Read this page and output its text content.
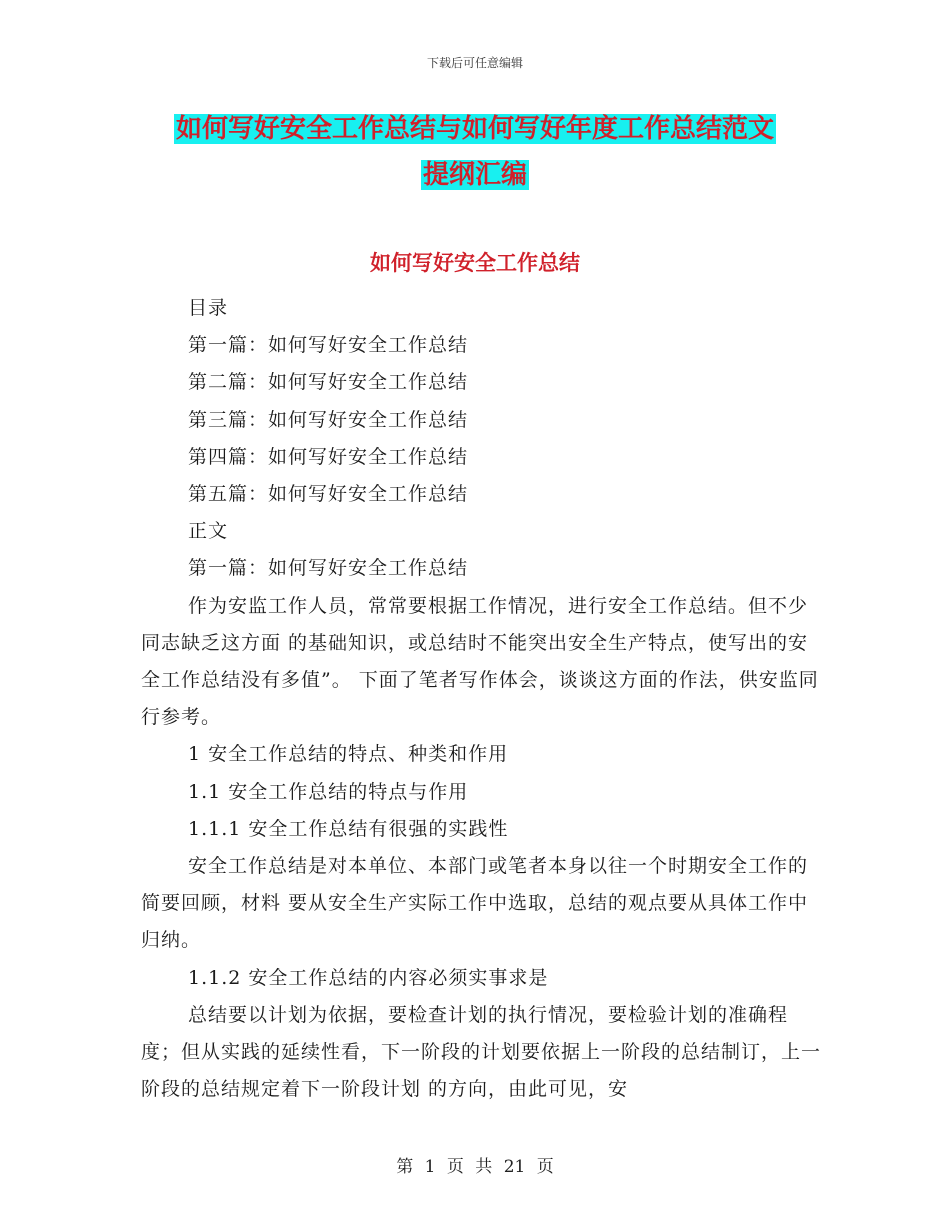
下载后可任意编辑
如何写好安全工作总结与如何写好年度工作总结范文
提纲汇编
如何写好安全工作总结

目录

第一篇：如何写好安全工作总结

第二篇：如何写好安全工作总结

第三篇：如何写好安全工作总结

第四篇：如何写好安全工作总结

第五篇：如何写好安全工作总结

正文

第一篇：如何写好安全工作总结

作为安监工作人员，常常要根据工作情况，进行安全工作总结。但不少同志缺乏这方面 的基础知识，或总结时不能突出安全生产特点，使写出的安全工作总结没有多值”。 下面了笔者写作体会，谈谈这方面的作法，供安监同行参考。

1 安全工作总结的特点、种类和作用

1.1 安全工作总结的特点与作用

1.1.1 安全工作总结有很强的实践性

安全工作总结是对本单位、本部门或笔者本身以往一个时期安全工作的简要回顾，材料 要从安全生产实际工作中选取，总结的观点要从具体工作中归纳。

1.1.2 安全工作总结的内容必须实事求是

总结要以计划为依据，要检查计划的执行情况，要检验计划的准确程度；但从实践的延续性看，下一阶段的计划要依据上一阶段的总结制订，上一阶段的总结规定着下一阶段计划 的方向，由此可见，安

第 1 页 共 21 页
